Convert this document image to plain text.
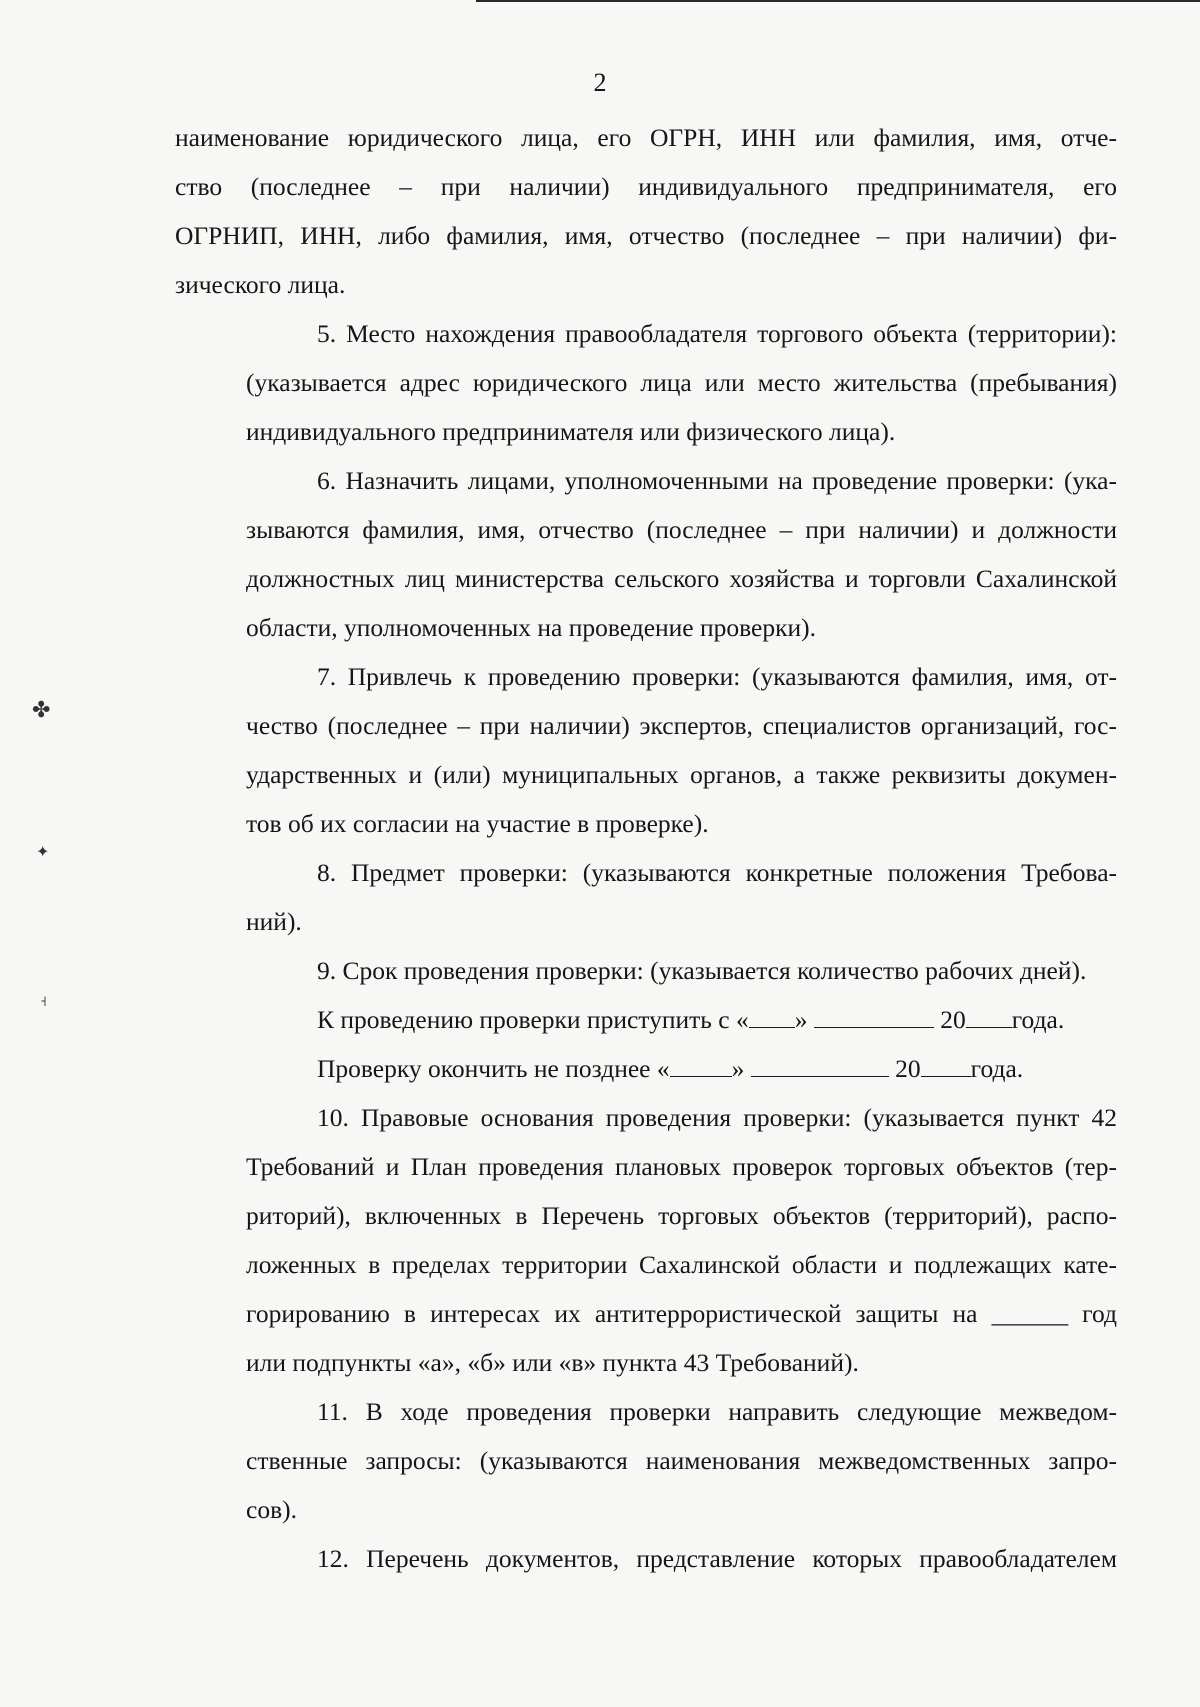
2
наименование юридического лица, его ОГРН, ИНН или фамилия, имя, отче-
ство (последнее – при наличии) индивидуального предпринимателя, его
ОГРНИП, ИНН, либо фамилия, имя, отчество (последнее – при наличии) фи-
зического лица.
5. Место нахождения правообладателя торгового объекта (территории):
(указывается адрес юридического лица или место жительства (пребывания)
индивидуального предпринимателя или физического лица).
6. Назначить лицами, уполномоченными на проведение проверки: (ука-
зываются фамилия, имя, отчество (последнее – при наличии) и должности
должностных лиц министерства сельского хозяйства и торговли Сахалинской
области, уполномоченных на проведение проверки).
7. Привлечь к проведению проверки: (указываются фамилия, имя, от-
чество (последнее – при наличии) экспертов, специалистов организаций, гос-
ударственных и (или) муниципальных органов, а также реквизиты докумен-
тов об их согласии на участие в проверке).
8. Предмет проверки: (указываются конкретные положения Требова-
ний).
9. Срок проведения проверки: (указывается количество рабочих дней).
К проведению проверки приступить с « »	20 года.
Проверку окончить не позднее « »	20 года.
10. Правовые основания проведения проверки: (указывается пункт 42
Требований и План проведения плановых проверок торговых объектов (тер-
риторий), включенных в Перечень торговых объектов (территорий), распо-
ложенных в пределах территории Сахалинской области и подлежащих кате-
горированию в интересах их антитеррористической защиты на ______ год
или подпункты «а», «б» или «в» пункта 43 Требований).
11. В ходе проведения проверки направить следующие межведом-
ственные запросы: (указываются наименования межведомственных запро-
сов).
12. Перечень документов, представление которых правообладателем
✤
✦
˧
